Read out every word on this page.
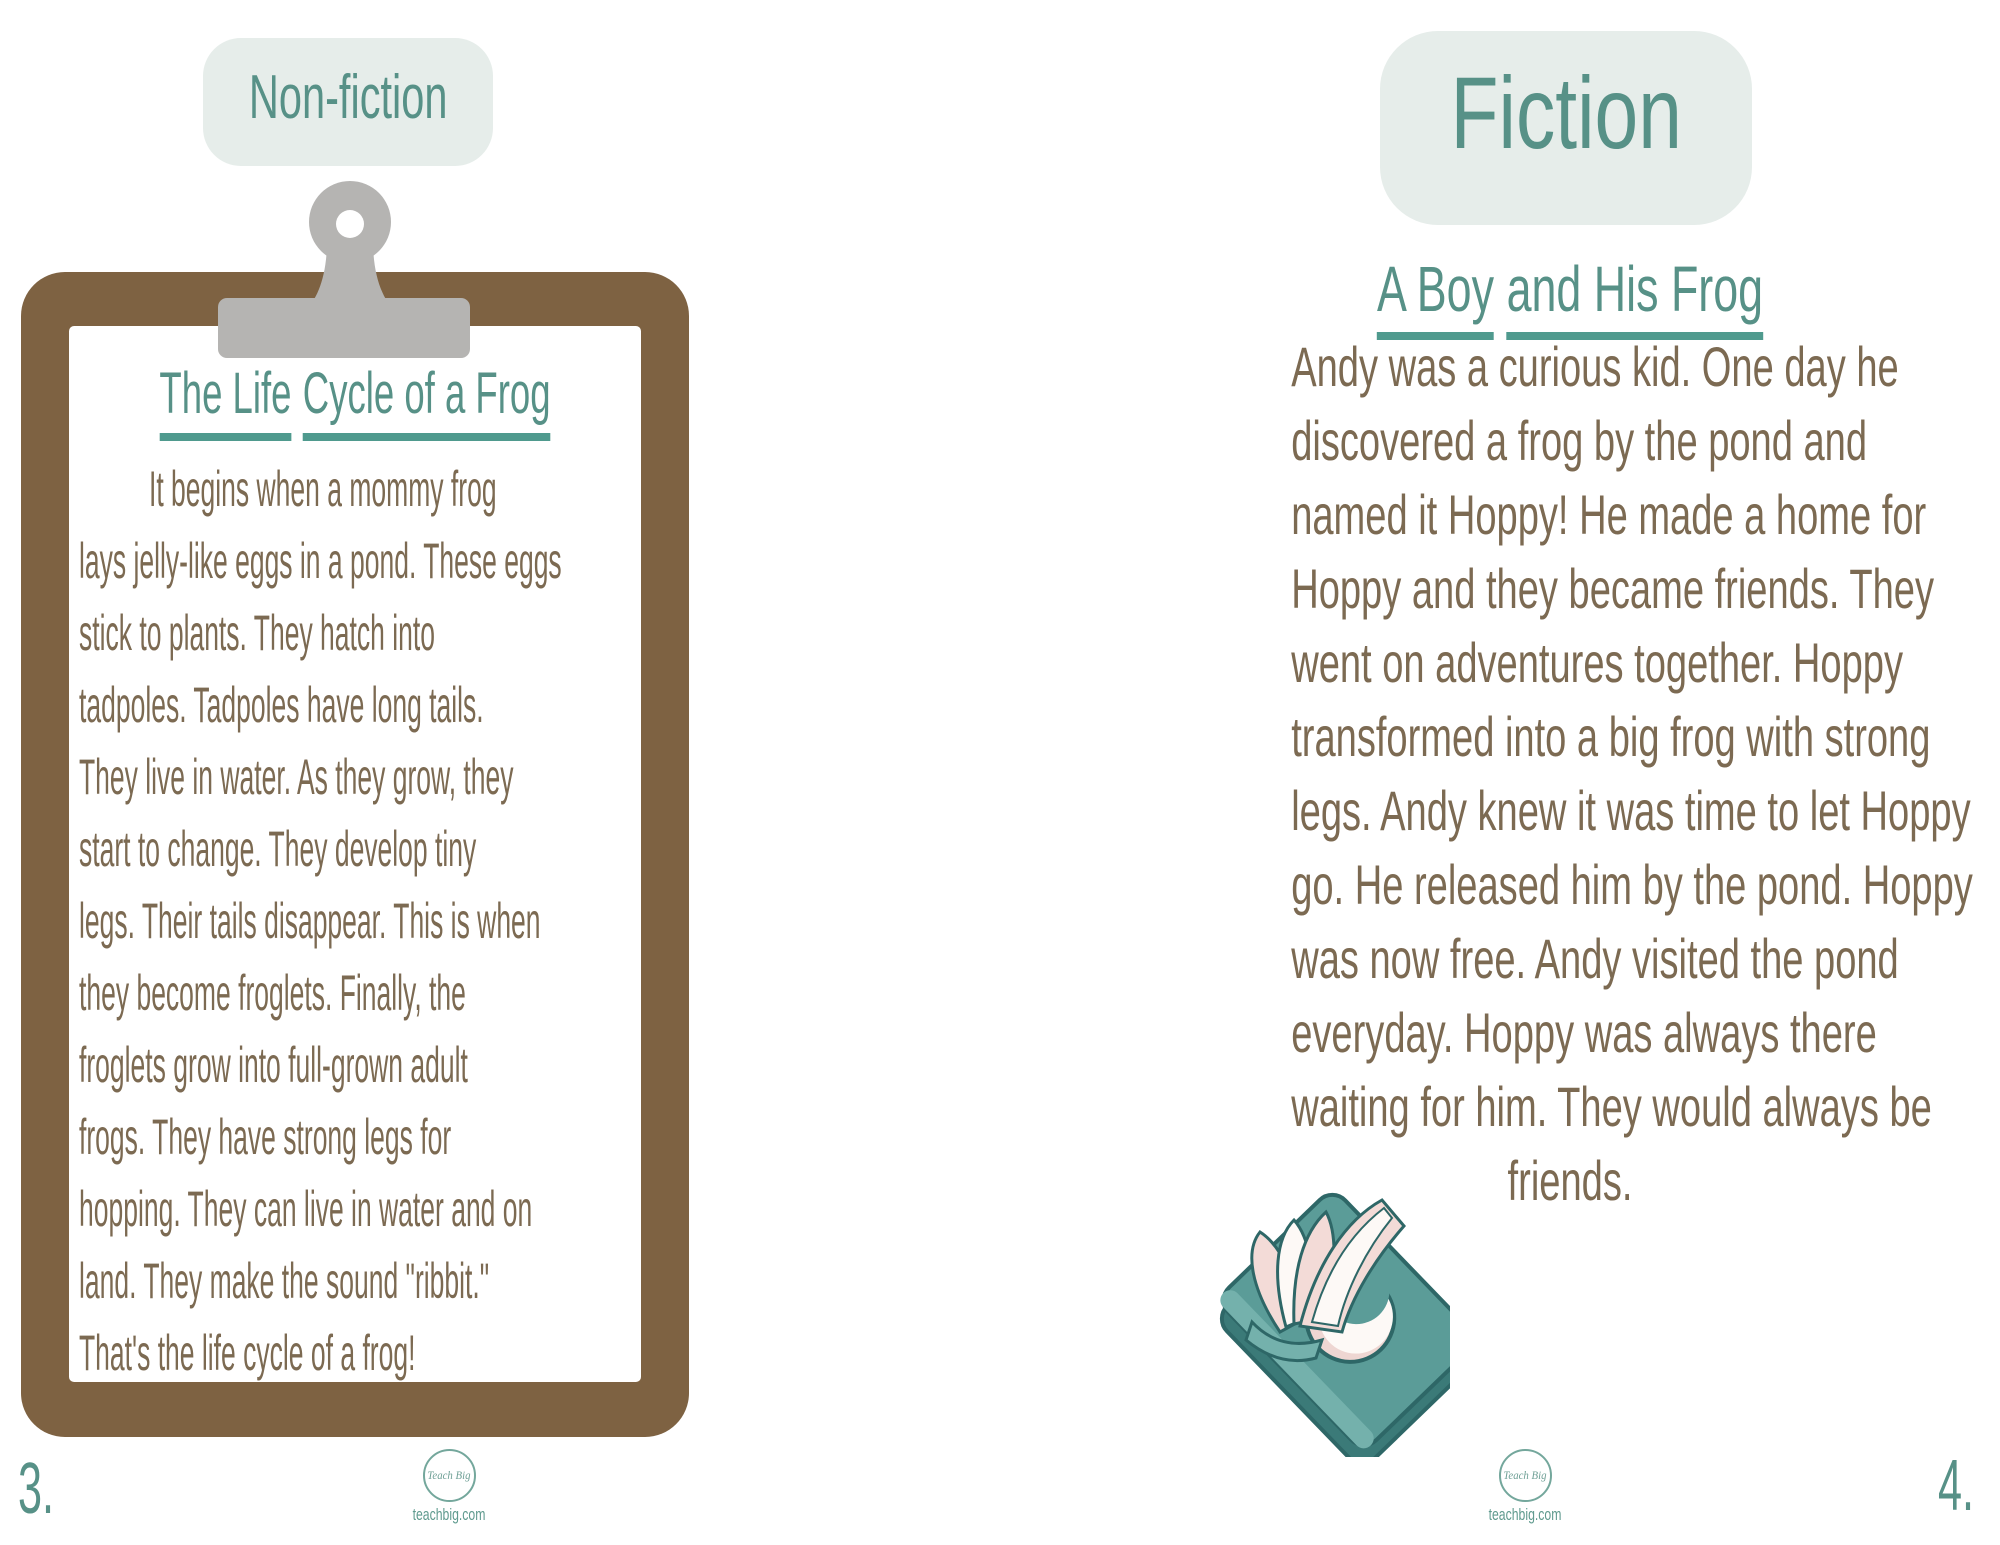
Non-fiction
The Life Cycle of a Frog
It begins when a mommy frog
lays jelly-like eggs in a pond. These eggs
stick to plants. They hatch into
tadpoles. Tadpoles have long tails.
They live in water. As they grow, they
start to change. They develop tiny
legs. Their tails disappear. This is when
they become froglets. Finally, the
froglets grow into full-grown adult
frogs. They have strong legs for
hopping. They can live in water and on
land. They make the sound "ribbit."
That's the life cycle of a frog!
3.	Teach Big
teachbig.com
Fiction
A Boy and His Frog
Andy was a curious kid. One day he
discovered a frog by the pond and
named it Hoppy! He made a home for
Hoppy and they became friends. They
went on adventures together. Hoppy
transformed into a big frog with strong
legs. Andy knew it was time to let Hoppy
go. He released him by the pond. Hoppy
was now free. Andy visited the pond
everyday. Hoppy was always there
waiting for him. They would always be
friends.
4.
Teach Big
teachbig.com
